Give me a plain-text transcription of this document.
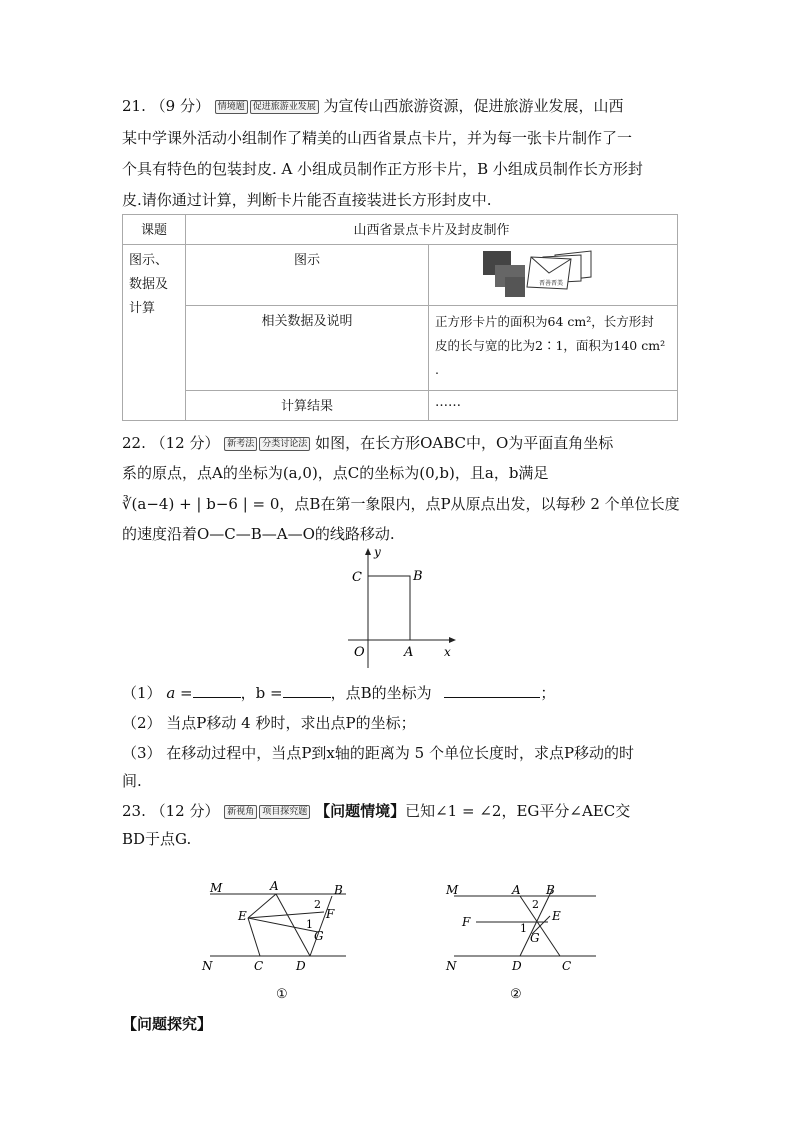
21. （9 分） 情境题 促进旅游业发展 为宣传山西旅游资源，促进旅游业发展，山西
某中学课外活动小组制作了精美的山西省景点卡片，并为每一张卡片制作了一
个具有特色的包装封皮. A 小组成员制作正方形卡片，B 小组成员制作长方形封
皮.请你通过计算，判断卡片能否直接装进长方形封皮中.
课题	山西省景点卡片及封皮制作	
图示、数据及计算	图示	晋善晋美

	相关数据及说明	正方形卡片的面积为64 cm²，长方形封
皮的长与宽的比为2∶1，面积为140 cm²
.

	计算结果	……
22. （12 分） 新考法 分类讨论法 如图，在长方形OABC中，O为平面直角坐标
系的原点，点A的坐标为(a,0)，点C的坐标为(0,b)，且a，b满足
∛(a−4) + | b−6 | = 0，点B在第一象限内，点P从原点出发，以每秒 2 个单位长度
的速度沿着O—C—B—A—O的线路移动.
y
C	B
O	A	x
（1） a =	，b =	，点B的坐标为	；
（2） 当点P移动 4 秒时，求出点P的坐标；
（3） 在移动过程中，当点P到x轴的距离为 5 个单位长度时，求点P移动的时
间.
23. （12 分） 新视角 项目探究题 【问题情境】已知∠1 = ∠2，EG平分∠AEC交
BD于点G.
M	A	B
2
F
E
1
G
N	C	D
①
M	A B
2
E
F	1
G
N	D	C
②
【问题探究】
